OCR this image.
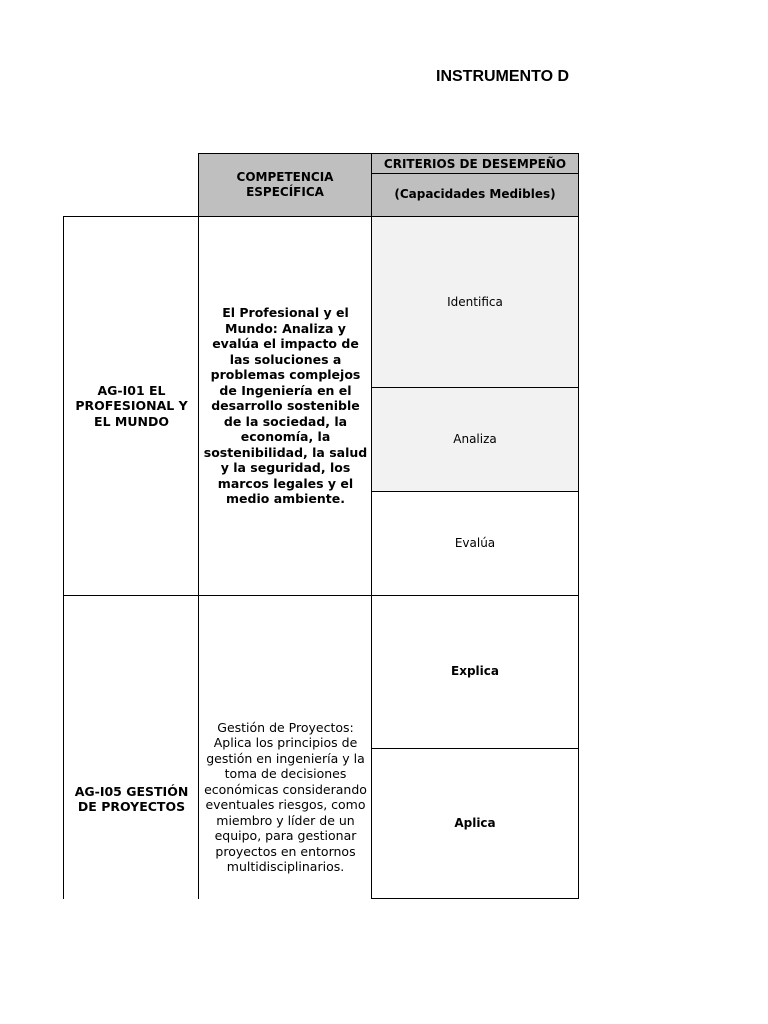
INSTRUMENTO D
COMPETENCIA ESPECÍFICA
CRITERIOS DE DESEMPEÑO
(Capacidades Medibles)
AG-I01 EL PROFESIONAL Y EL MUNDO
El Profesional y el Mundo: Analiza y evalúa el impacto de las soluciones a problemas complejos de Ingeniería en el desarrollo sostenible de la sociedad, la economía, la sostenibilidad, la salud y la seguridad, los marcos legales y el medio ambiente.
Identifica
Analiza
Evalúa
AG-I05 GESTIÓN DE PROYECTOS
Gestión de Proyectos: Aplica los principios de gestión en ingeniería y la toma de decisiones económicas considerando eventuales riesgos, como miembro y líder de un equipo, para gestionar proyectos en entornos multidisciplinarios.
Explica
Aplica
